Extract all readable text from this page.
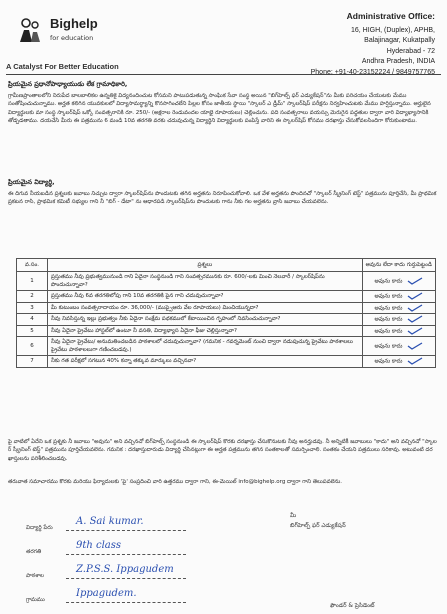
Bighelp
for education
A Catalyst For Better Education
Administrative Office:
16, HIGH, (Duplex), APHB,
Balajinagar, Kukatpally
Hyderabad - 72
Andhra Pradesh, INDIA
Phone: +91-40-23152224 / 9849757765
ప్రియమైన ప్రధానోపాధ్యాయుడు లేక గ్రామాధికారి,
గ్రామీణప్రాంతాలలోని నిరుపేద బాలబాలికల ఉన్నతికై విద్యనందించుట కోసమని పాటుపడుతున్న సాంఘిక సేవా సంస్థ అయిన "బిగ్‌హెల్ప్ ఫర్ ఎడ్యుకేషన్"ను మీకు పరిచయం చేయుటకు మేము సంతోషించుచున్నాము. అర్హత కలిగిన యువకులలో విద్యాసామర్థ్యాన్ని కొనసాగించలేని పిల్లల కోసం జాతీయ స్థాయి "స్కాలర్ ఎ డ్రీమ్" స్కాలర్‌షిప్ పరీక్షను నిర్వహించుటకు మేము హర్షిస్తున్నాము. అర్హులైన విద్యార్థులకు మా సంస్థ స్కాలర్‌షిప్ ఒక్కో సంవత్సరానికి రూ. 250/- (అక్షరాల రెండువందల యాభై రూపాయలు) చెల్లించును. పది సంవత్సరాలు వయస్సు మెరుగైన పద్ధతుల ద్వారా వారి విద్యాభ్యాసానికి తోడ్పడతాము. దయచేసి మీరు ఈ పత్రమును 6 మండి 10వ తరగతి వరకు చదువుచున్న విద్యార్థిని విద్యార్థులకు పంపిస్తే వారిని ఈ స్కాలర్‌షిప్ కోసము దరఖాస్తు చేసుకోవలసిందిగా కోరుకుంటాము.
ప్రియమైన విద్యార్థి,
ఈ దిగువ నీయబడిన ప్రశ్నలకు జవాబు నిచ్చుట ద్వారా స్కాలర్‌షిప్‌ను పొందుటకు తగిన అర్హతను నిరూపించుకోవాలి. ఒక వేళ అర్హతను పొందినచో "స్కాలర్ స్క్రీనింగ్ టెస్ట్" పత్రమును పూర్తిచేసి, మీ ప్రాథమిక ప్రకటన రాసి, ప్రాథమిక కమిటీ సభ్యుల గాని నీ "బిగ్ - డేటా" ను ఆధారపడి స్కాలర్‌షిప్‌ను పొందుటకు గాను నీకు గల అర్హతను వ్రాసి జవాబు చేయవలెను.
వ.సం.	ప్రశ్నలు	అవును లేదా కాదు గుర్తుపెట్టండి
1	ప్రస్తుతము నీవు ప్రభుత్వమునుండి గాని ఏదైనా సంస్థనుండి గాని సంవత్సరమునకు రూ. 600/-లకు మించి నెలవారీ / స్కాలర్‌షిప్‌ను పొందుచున్నావా?	అవును కాదు
2	ప్రస్తుతము నీవు 6వ తరగతిలోపు గాని 10వ తరగతికి పైన గాని చదువుచున్నావా?	అవును కాదు
3	మీ కుటుంబం సంవత్సరాదాయం రూ. 36,000/- (ముప్పైఆరు వేల రూపాయలు) మించియున్నదా?	అవును కాదు
4	నీవు నివసిస్తున్న ఇల్లు ప్రభుత్వం నీకు ఏదైనా సంక్షేమ పథకములో కేటాయించిన గృహంలో నివసించుచున్నావా?	అవును కాదు
5	నీవు ఏదైనా ప్రైవేటు హాస్టల్‌లో ఉంటూ నీ వసతి, విద్యాభ్యాస ఏదైనా ఫీజు చెల్లిస్తున్నావా?	అవును కాదు
6	నీవు ఏదైనా ప్రైవేటు/ అనుమతించబడిన పాఠశాలలో చదువుచున్నావా? (గమనిక - గవర్నమెంట్ నుంచి ద్వారా నడుపుచున్న ప్రైవేటు పాఠశాలలు ప్రైవేటు పాఠశాలలుగా గణించబడవు.)	అవును కాదు
7	నీకు గత పరీక్షలో సగటున 40% కన్నా తక్కువ మార్కులు వచ్చినవా?	అవును కాదు
పై వాటిలో ఏదేని ఒక ప్రశ్నకు నీ జవాబు "అవును" అని వచ్చినచో బిగ్‌హెల్ప్ సంస్థనుండి ఈ స్కాలర్‌షిప్ కొరకు దరఖాస్తు చేసుకొనుటకు నీవు అనర్హుడవు. నీ అన్నిటికీ జవాబులు "కాదు" అని వచ్చినచో "స్కాలర్ స్క్రీనింగ్ టెస్ట్" పత్రమును పూర్తిచేయవలెను. గమనిక : దరఖాస్తుదారుడు విద్యార్థి చేసినట్లుగా ఈ అర్హత పత్రమును తగిన సంతకాలతో సమర్పించాలి. సంతకం చేయని పత్రములు సరికావు. అటువంటి దరఖాస్తులను పరిశీలించబడవు.
తరువాత సమాచారము కొరకు మరియు ఫిర్యాదులకు 'పై' సంప్రదించి వారి ఉత్తరము ద్వారా గాని, ఈ-మెయిల్ info@bighelp.org ద్వారా గాని తెలుపవలెను.
విద్యార్థి పేరు
A. Sai kumar.
తరగతి
9th class
పాఠశాల
Z.P.S.S. Ippagudem
గ్రామము
Ippagudem.
మీ
బిగ్‌హెల్ప్ ఫర్ ఎడ్యుకేషన్
ఫౌండర్ & ప్రెసిడెంట్
